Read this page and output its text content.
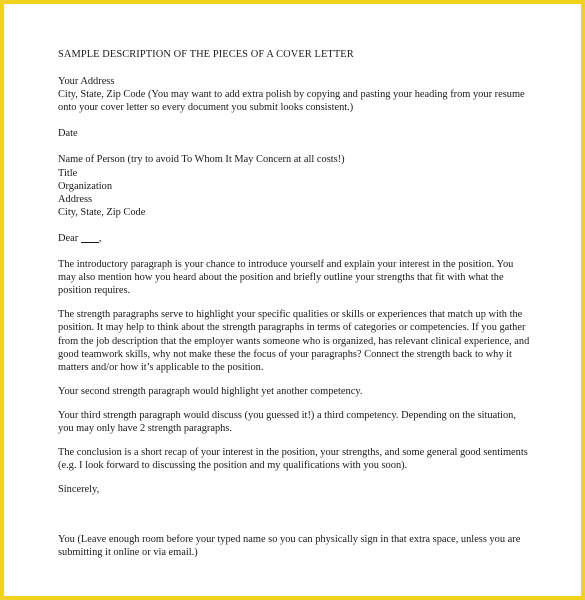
SAMPLE DESCRIPTION OF THE PIECES OF A COVER LETTER
Your Address
City, State, Zip Code (You may want to add extra polish by copying and pasting your heading from your resume
onto your cover letter so every document you submit looks consistent.)
Date
Name of Person (try to avoid To Whom It May Concern at all costs!)
Title
Organization
Address
City, State, Zip Code
Dear ,
The introductory paragraph is your chance to introduce yourself and explain your interest in the position. You
may also mention how you heard about the position and briefly outline your strengths that fit with what the
position requires.
The strength paragraphs serve to highlight your specific qualities or skills or experiences that match up with the
position. It may help to think about the strength paragraphs in terms of categories or competencies. If you gather
from the job description that the employer wants someone who is organized, has relevant clinical experience, and
good teamwork skills, why not make these the focus of your paragraphs? Connect the strength back to why it
matters and/or how it’s applicable to the position.
Your second strength paragraph would highlight yet another competency.
Your third strength paragraph would discuss (you guessed it!) a third competency. Depending on the situation,
you may only have 2 strength paragraphs.
The conclusion is a short recap of your interest in the position, your strengths, and some general good sentiments
(e.g. I look forward to discussing the position and my qualifications with you soon).
Sincerely,
You (Leave enough room before your typed name so you can physically sign in that extra space, unless you are
submitting it online or via email.)
